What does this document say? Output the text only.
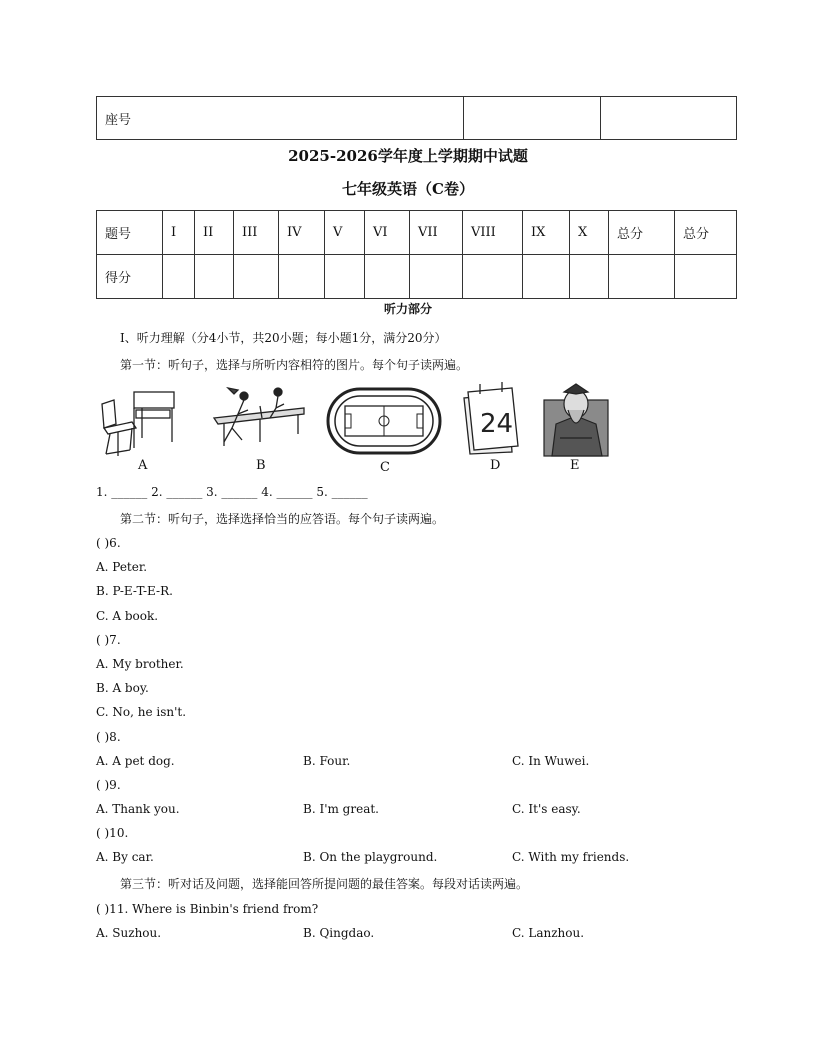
座号		
2025-2026学年度上学期期中试题
七年级英语（C卷）
题号	I	II	III	IV	V	VI	VII	VIII	IX	X	总分	总分
得分												
听力部分
I、听力理解（分4小节，共20小题；每小题1分，满分20分）
第一节：听句子，选择与所听内容相符的图片。每个句子读两遍。
A	B	C
24
D	E
1. ______ 2. ______ 3. ______ 4. ______ 5. ______
第二节：听句子，选择选择恰当的应答语。每个句子读两遍。
( )6.
A. Peter.
B. P-E-T-E-R.
C. A book.
( )7.
A. My brother.
B. A boy.
C. No, he isn't.
( )8.
A. A pet dog.	B. Four.	C. In Wuwei.
( )9.
A. Thank you.	B. I'm great.	C. It's easy.
( )10.
A. By car.	B. On the playground.	C. With my friends.
第三节：听对话及问题，选择能回答所提问题的最佳答案。每段对话读两遍。
( )11. Where is Binbin's friend from?
A. Suzhou.	B. Qingdao.	C. Lanzhou.
